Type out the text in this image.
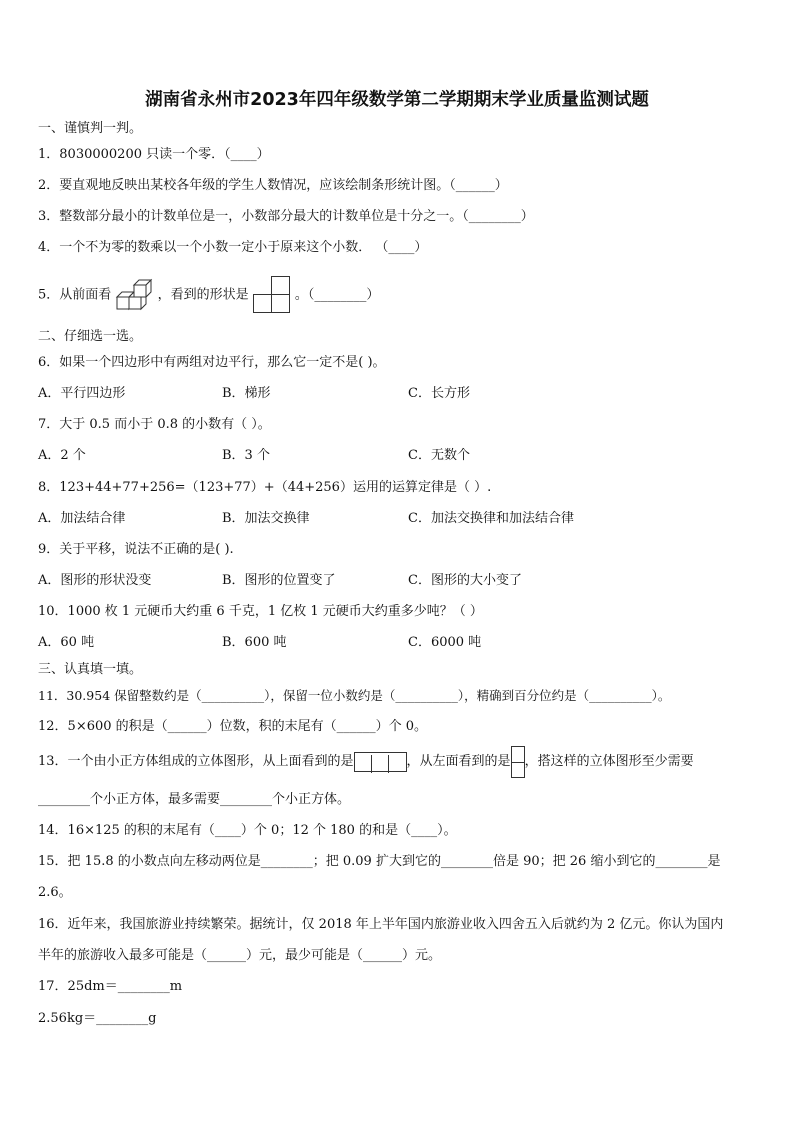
湖南省永州市2023年四年级数学第二学期期末学业质量监测试题
一、谨慎判一判。
1．8030000200 只读一个零．（____）
2．要直观地反映出某校各年级的学生人数情况，应该绘制条形统计图。（______）
3．整数部分最小的计数单位是一，小数部分最大的计数单位是十分之一。（________）
4．一个不为零的数乘以一个小数一定小于原来这个小数． （____）
5．从前面看	，看到的形状是	。（________）
二、仔细选一选。
6．如果一个四边形中有两组对边平行，那么它一定不是( )。
A．平行四边形	B．梯形	C．长方形
7．大于 0.5 而小于 0.8 的小数有（ ）。
A．2 个	B．3 个	C．无数个
8．123+44+77+256=（123+77）+（44+256）运用的运算定律是（ ）.
A．加法结合律	B．加法交换律	C．加法交换律和加法结合律
9．关于平移，说法不正确的是( ).
A．图形的形状没变	B．图形的位置变了	C．图形的大小变了
10．1000 枚 1 元硬币大约重 6 千克，1 亿枚 1 元硬币大约重多少吨？（ ）
A．60 吨	B．600 吨	C．6000 吨
三、认真填一填。
11．30.954 保留整数约是（__________），保留一位小数约是（__________），精确到百分位约是（__________）。
12．5×600 的积是（______）位数，积的末尾有（______）个 0。
13．一个由小正方体组成的立体图形，从上面看到的是	，从左面看到的是 ，搭这样的立体图形至少需要
________个小正方体，最多需要________个小正方体。
14．16×125 的积的末尾有（____）个 0；12 个 180 的和是（____）。
15．把 15.8 的小数点向左移动两位是________；把 0.09 扩大到它的________倍是 90；把 26 缩小到它的________是
2.6。
16．近年来，我国旅游业持续繁荣。据统计，仅 2018 年上半年国内旅游业收入四舍五入后就约为 2 亿元。你认为国内
半年的旅游收入最多可能是（______）元，最少可能是（______）元。
17．25dm＝________m
2.56kg＝________g
